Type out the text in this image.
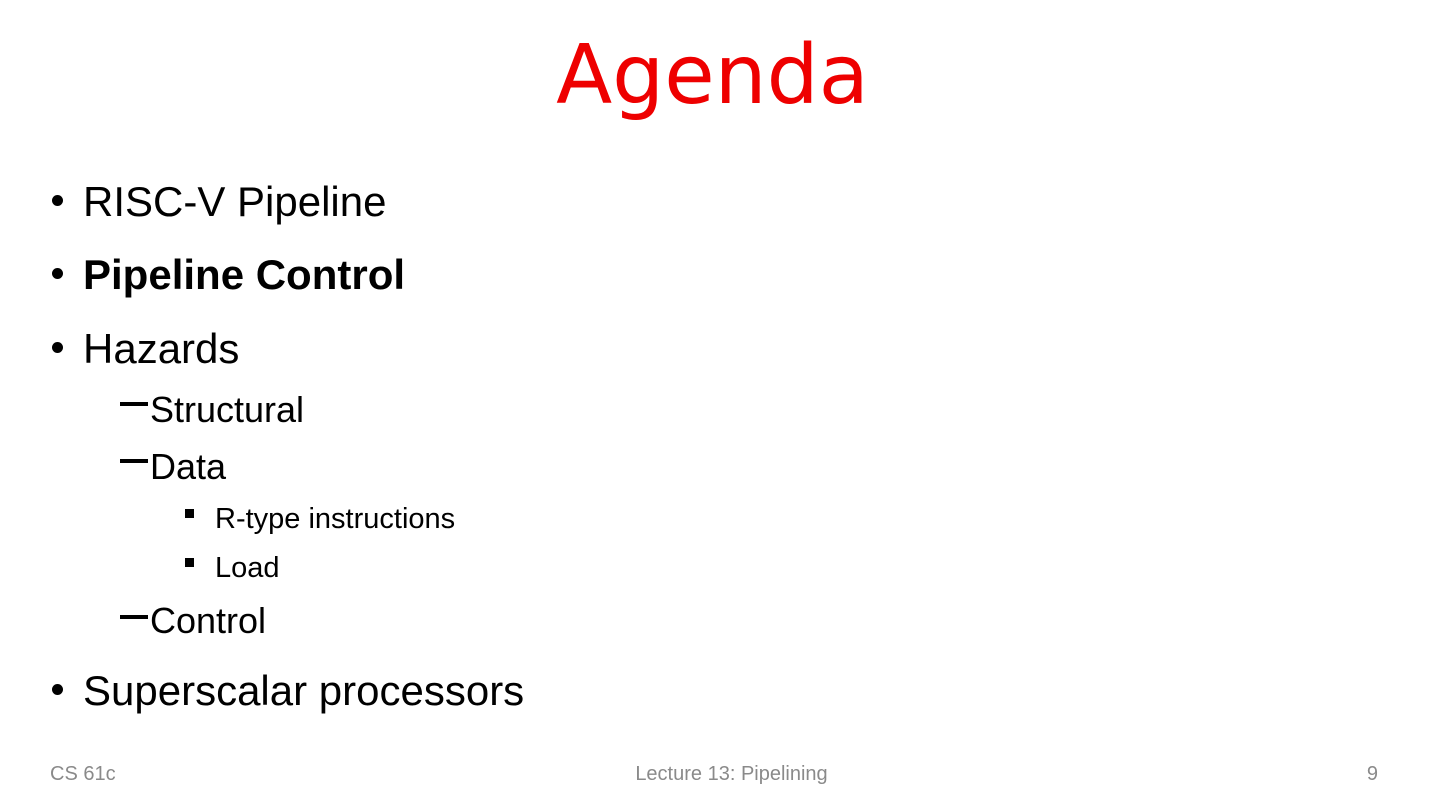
Agenda
RISC-V Pipeline
Pipeline Control
Hazards
Structural
Data
R-type instructions
Load
Control
Superscalar processors
CS 61c	Lecture 13: Pipelining	9
